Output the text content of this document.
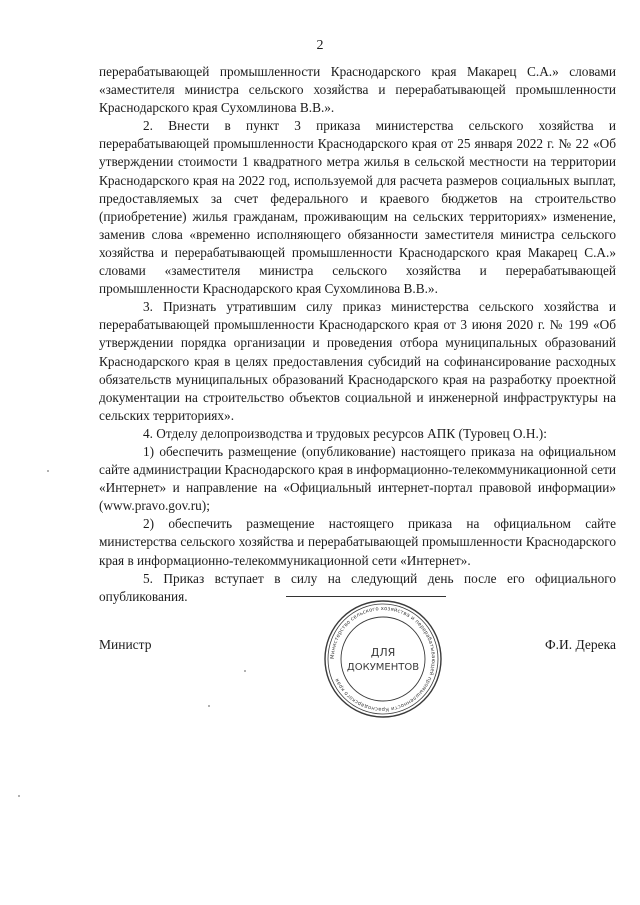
2

перерабатывающей промышленности Краснодарского края Макарец С.А.» словами «заместителя министра сельского хозяйства и перерабатывающей промышленности Краснодарского края Сухомлинова В.В.».

2. Внести в пункт 3 приказа министерства сельского хозяйства и перерабатывающей промышленности Краснодарского края от 25 января 2022 г. № 22 «Об утверждении стоимости 1 квадратного метра жилья в сельской местности на территории Краснодарского края на 2022 год, используемой для расчета размеров социальных выплат, предоставляемых за счет федерального и краевого бюджетов на строительство (приобретение) жилья гражданам, проживающим на сельских территориях» изменение, заменив слова «временно исполняющего обязанности заместителя министра сельского хозяйства и перерабатывающей промышленности Краснодарского края Макарец С.А.» словами «заместителя министра сельского хозяйства и перерабатывающей промышленности Краснодарского края Сухомлинова В.В.».

3. Признать утратившим силу приказ министерства сельского хозяйства и перерабатывающей промышленности Краснодарского края от 3 июня 2020 г. № 199 «Об утверждении порядка организации и проведения отбора муниципальных образований Краснодарского края в целях предоставления субсидий на софинансирование расходных обязательств муниципальных образований Краснодарского края на разработку проектной документации на строительство объектов социальной и инженерной инфраструктуры на сельских территориях».

4. Отделу делопроизводства и трудовых ресурсов АПК (Туровец О.Н.):

1) обеспечить размещение (опубликование) настоящего приказа на официальном сайте администрации Краснодарского края в информационно-телекоммуникационной сети «Интернет» и направление на «Официальный интернет-портал правовой информации» (www.pravo.gov.ru);

2) обеспечить размещение настоящего приказа на официальном сайте министерства сельского хозяйства и перерабатывающей промышленности Краснодарского края в информационно-телекоммуникационной сети «Интернет».

5. Приказ вступает в силу на следующий день после его официального опубликования.

Министр	Ф.И. Дерека
Министерство сельского хозяйства и перерабатывающей промышленности Краснодарского края
ДЛЯ
ДОКУМЕНТОВ
